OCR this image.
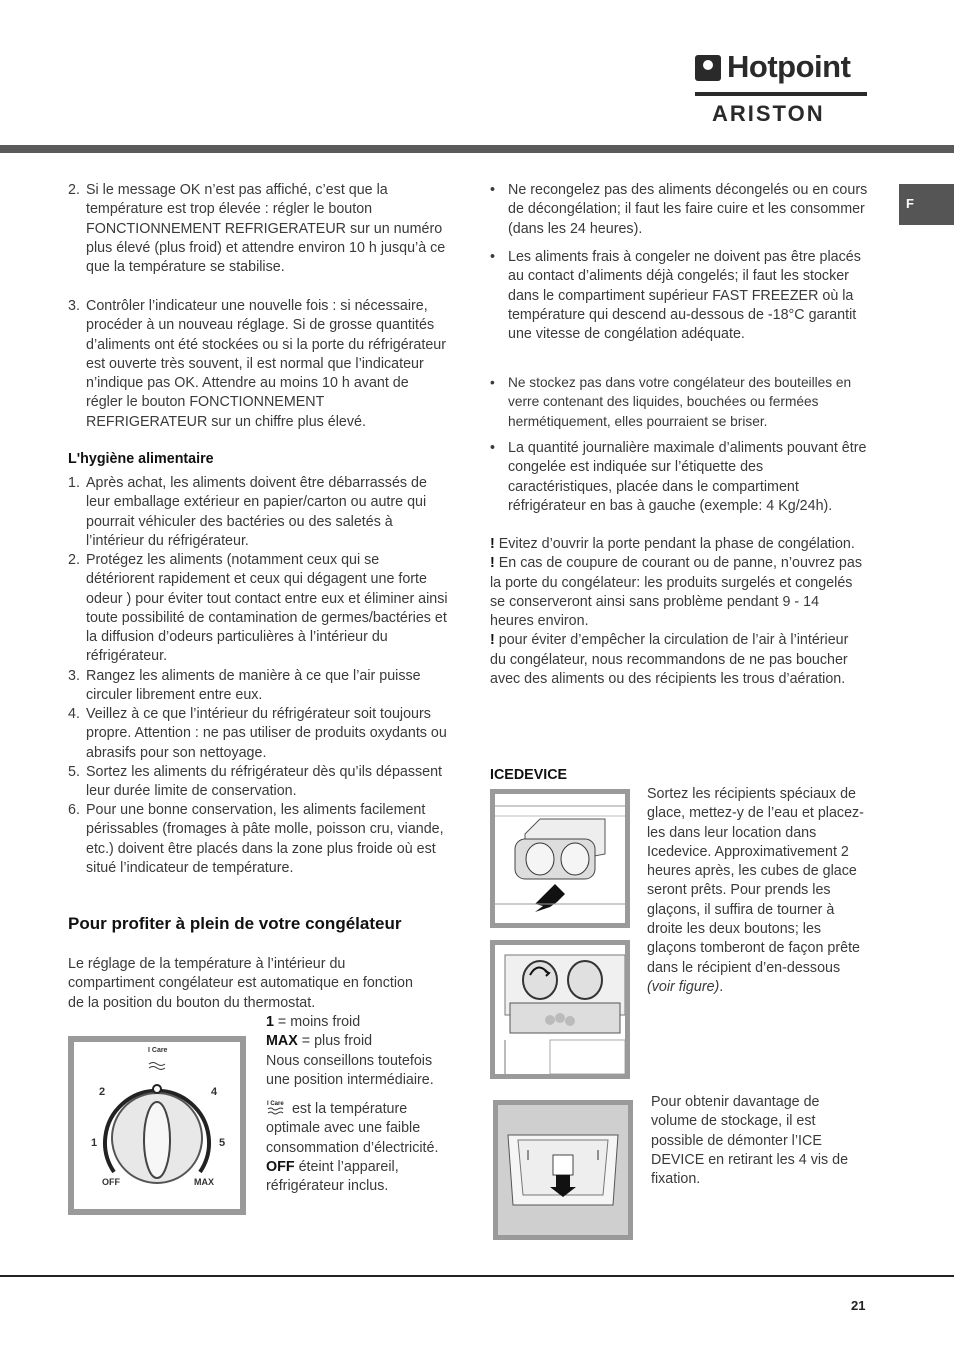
Hotpoint
ARISTON
F
2. Si le message OK n’est pas affiché, c’est que la température est trop élevée : régler le bouton FONCTIONNEMENT REFRIGERATEUR sur un numéro plus élevé (plus froid) et attendre environ 10 h jusqu’à ce que la température se stabilise.
3. Contrôler l’indicateur une nouvelle fois : si nécessaire, procéder à un nouveau réglage. Si de grosse quantités d’aliments ont été stockées ou si la porte du réfrigérateur est ouverte très souvent, il est normal que l’indicateur n’indique pas OK. Attendre au moins 10 h avant de régler le bouton FONCTIONNEMENT REFRIGERATEUR sur un chiffre plus élevé.
L'hygiène alimentaire
1. Après achat, les aliments doivent être débarrassés de leur emballage extérieur en papier/carton ou autre qui pourrait véhiculer des bactéries ou des saletés à l’intérieur du réfrigérateur.
2. Protégez les aliments (notamment ceux qui se détériorent rapidement et ceux qui dégagent une forte odeur ) pour éviter tout contact entre eux et éliminer ainsi toute possibilité de contamination de germes/bactéries et la diffusion d’odeurs particulières à l’intérieur du réfrigérateur.
3. Rangez les aliments de manière à ce que l’air puisse circuler librement entre eux.
4. Veillez à ce que l’intérieur du réfrigérateur soit toujours propre. Attention : ne pas utiliser de produits oxydants ou abrasifs pour son nettoyage.
5. Sortez les aliments du réfrigérateur dès qu’ils dépassent leur durée limite de conservation.
6. Pour une bonne conservation, les aliments facilement périssables (fromages à pâte molle, poisson cru, viande, etc.) doivent être placés dans la zone plus froide où est situé l’indicateur de température.
Pour profiter à plein de votre congélateur
Le réglage de la température à l’intérieur du compartiment congélateur est automatique en fonction de la position du bouton du thermostat.
I Care
2	4
1	5
OFF	MAX
1 = moins froid
MAX = plus froid
Nous conseillons toutefois une position intermédiaire.
I Care est la température optimale avec une faible consommation d’électricité.
OFF éteint l’appareil, réfrigérateur inclus.
• Ne recongelez pas des aliments décongelés ou en cours de décongélation; il faut les faire cuire et les consommer (dans les 24 heures).
• Les aliments frais à congeler ne doivent pas être placés au contact d’aliments déjà congelés; il faut les stocker dans le compartiment supérieur FAST FREEZER où la température qui descend au-dessous de -18°C garantit une vitesse de congélation adéquate.
• Ne stockez pas dans votre congélateur des bouteilles en verre contenant des liquides, bouchées ou fermées hermétiquement, elles pourraient se briser.
• La quantité journalière maximale d’aliments pouvant être congelée est indiquée sur l’étiquette des caractéristiques, placée dans le compartiment réfrigérateur en bas à gauche (exemple: 4 Kg/24h).
! Evitez d’ouvrir la porte pendant la phase de congélation.
! En cas de coupure de courant ou de panne, n’ouvrez pas la porte du congélateur: les produits surgelés et congelés se conserveront ainsi sans problème pendant 9 - 14 heures environ.
! pour éviter d’empêcher la circulation de l’air à l’intérieur du congélateur, nous recommandons de ne pas boucher avec des aliments ou des récipients les trous d’aération.
ICEDEVICE
Sortez les récipients spéciaux de glace, mettez-y de l’eau et placez-les dans leur location dans Icedevice. Approximativement 2 heures après, les cubes de glace seront prêts. Pour prends les glaçons, il suffira de tourner à droite les deux boutons; les glaçons tomberont de façon prête dans le récipient d’en-dessous (voir figure).
Pour obtenir davantage de volume de stockage, il est possible de démonter l’ICE DEVICE en retirant les 4 vis de fixation.
21
